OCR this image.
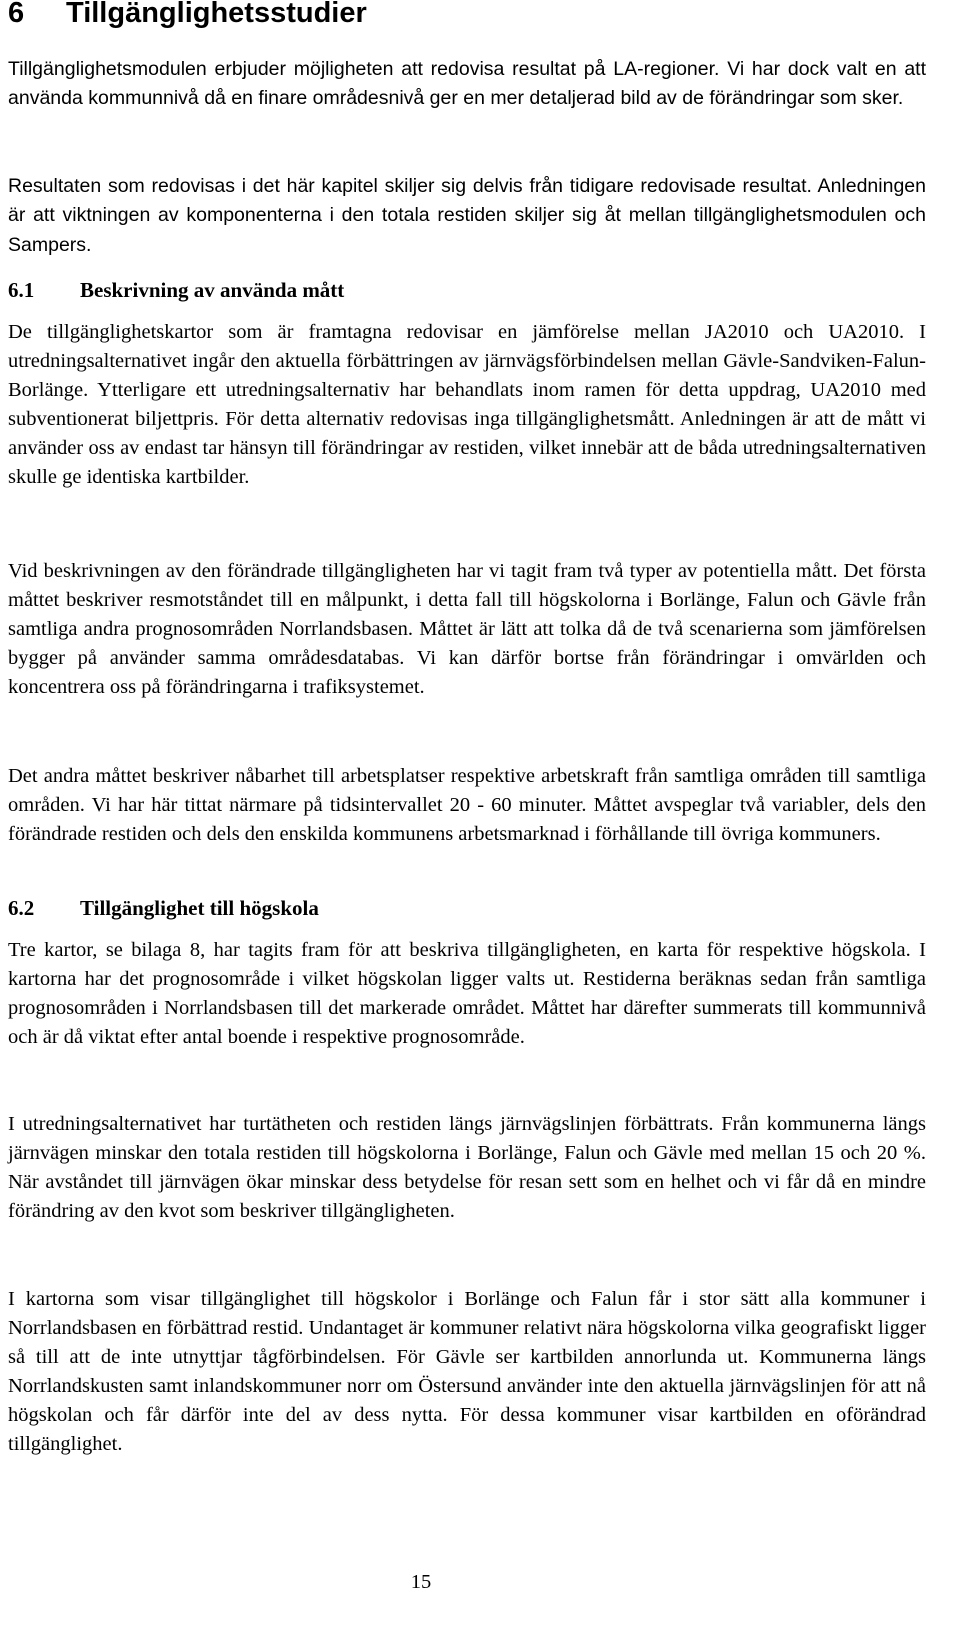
6 Tillgänglighetsstudier

Tillgänglighetsmodulen erbjuder möjligheten att redovisa resultat på LA-regioner. Vi har dock valt en att använda kommunnivå då en finare områdesnivå ger en mer detaljerad bild av de förändringar som sker.

Resultaten som redovisas i det här kapitel skiljer sig delvis från tidigare redovisade resultat. Anledningen är att viktningen av komponenterna i den totala restiden skiljer sig åt mellan tillgänglighetsmodulen och Sampers.

6.1 Beskrivning av använda mått

De tillgänglighetskartor som är framtagna redovisar en jämförelse mellan JA2010 och UA2010. I utredningsalternativet ingår den aktuella förbättringen av järnvägsförbindelsen mellan Gävle-Sandviken-Falun-Borlänge. Ytterligare ett utredningsalternativ har behandlats inom ramen för detta uppdrag, UA2010 med subventionerat biljettpris. För detta alternativ redovisas inga tillgänglighetsmått. Anledningen är att de mått vi använder oss av endast tar hänsyn till förändringar av restiden, vilket innebär att de båda utredningsalternativen skulle ge identiska kartbilder.

Vid beskrivningen av den förändrade tillgängligheten har vi tagit fram två typer av potentiella mått. Det första måttet beskriver resmotståndet till en målpunkt, i detta fall till högskolorna i Borlänge, Falun och Gävle från samtliga andra prognosområden Norrlandsbasen. Måttet är lätt att tolka då de två scenarierna som jämförelsen bygger på använder samma områdesdatabas. Vi kan därför bortse från förändringar i omvärlden och koncentrera oss på förändringarna i trafiksystemet.

Det andra måttet beskriver nåbarhet till arbetsplatser respektive arbetskraft från samtliga områden till samtliga områden. Vi har här tittat närmare på tidsintervallet 20 - 60 minuter. Måttet avspeglar två variabler, dels den förändrade restiden och dels den enskilda kommunens arbetsmarknad i förhållande till övriga kommuners.

6.2 Tillgänglighet till högskola

Tre kartor, se bilaga 8, har tagits fram för att beskriva tillgängligheten, en karta för respektive högskola. I kartorna har det prognosområde i vilket högskolan ligger valts ut. Restiderna beräknas sedan från samtliga prognosområden i Norrlandsbasen till det markerade området. Måttet har därefter summerats till kommunnivå och är då viktat efter antal boende i respektive prognosområde.

I utredningsalternativet har turtätheten och restiden längs järnvägslinjen förbättrats. Från kommunerna längs järnvägen minskar den totala restiden till högskolorna i Borlänge, Falun och Gävle med mellan 15 och 20 %. När avståndet till järnvägen ökar minskar dess betydelse för resan sett som en helhet och vi får då en mindre förändring av den kvot som beskriver tillgängligheten.

I kartorna som visar tillgänglighet till högskolor i Borlänge och Falun får i stor sätt alla kommuner i Norrlandsbasen en förbättrad restid. Undantaget är kommuner relativt nära högskolorna vilka geografiskt ligger så till att de inte utnyttjar tågförbindelsen. För Gävle ser kartbilden annorlunda ut. Kommunerna längs Norrlandskusten samt inlandskommuner norr om Östersund använder inte den aktuella järnvägslinjen för att nå högskolan och får därför inte del av dess nytta. För dessa kommuner visar kartbilden en oförändrad tillgänglighet.

15
